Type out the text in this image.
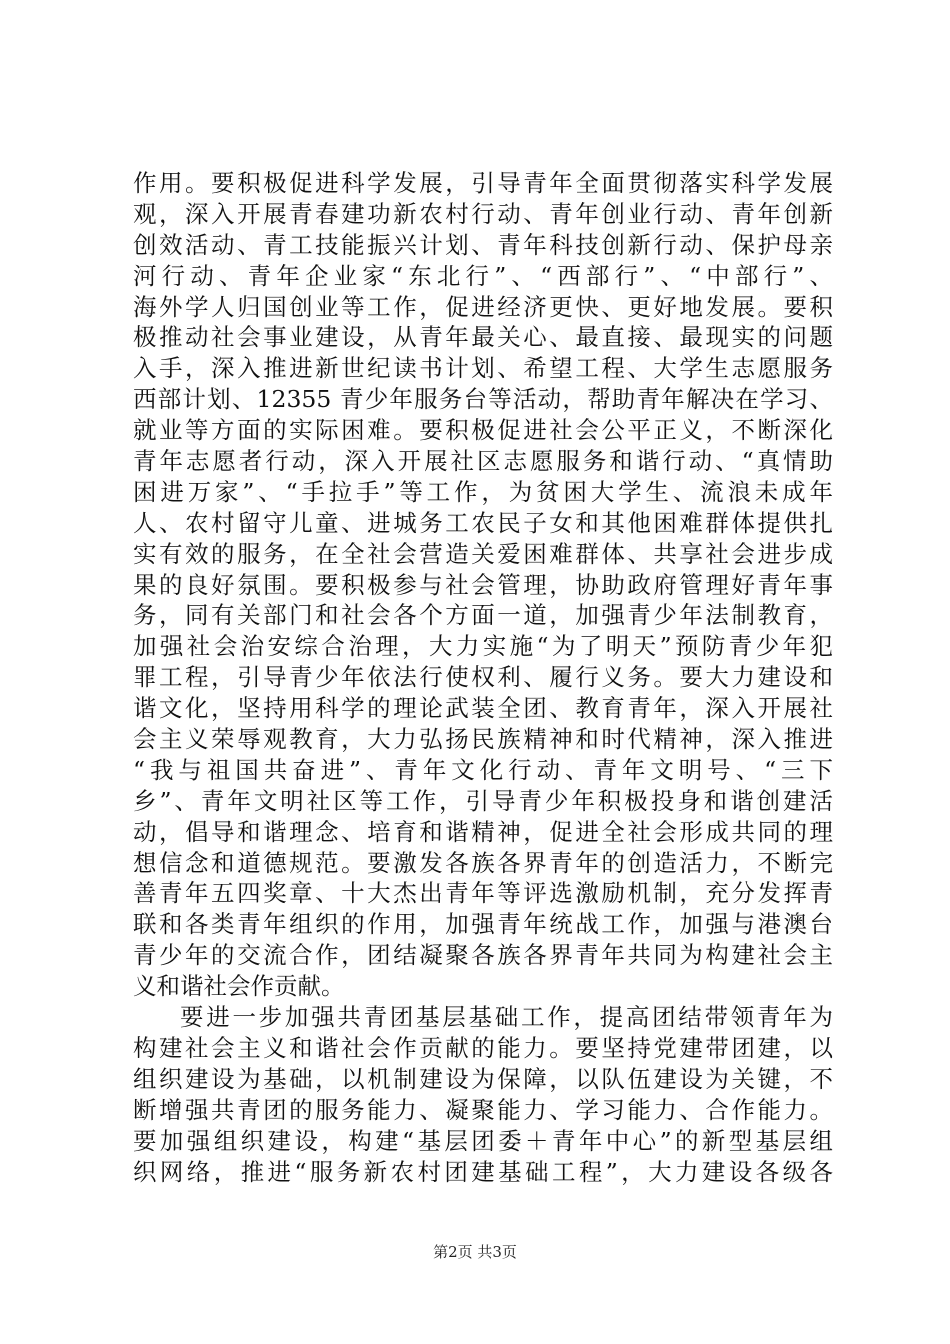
作用。要积极促进科学发展，引导青年全面贯彻落实科学发展
观，深入开展青春建功新农村行动、青年创业行动、青年创新
创效活动、青工技能振兴计划、青年科技创新行动、保护母亲
河行动、青年企业家“东北行”、“西部行”、“中部行”、
海外学人归国创业等工作，促进经济更快、更好地发展。要积
极推动社会事业建设，从青年最关心、最直接、最现实的问题
入手，深入推进新世纪读书计划、希望工程、大学生志愿服务
西部计划、12355 青少年服务台等活动，帮助青年解决在学习、
就业等方面的实际困难。要积极促进社会公平正义，不断深化
青年志愿者行动，深入开展社区志愿服务和谐行动、“真情助
困进万家”、“手拉手”等工作，为贫困大学生、流浪未成年
人、农村留守儿童、进城务工农民子女和其他困难群体提供扎
实有效的服务，在全社会营造关爱困难群体、共享社会进步成
果的良好氛围。要积极参与社会管理，协助政府管理好青年事
务，同有关部门和社会各个方面一道，加强青少年法制教育，
加强社会治安综合治理，大力实施“为了明天”预防青少年犯
罪工程，引导青少年依法行使权利、履行义务。要大力建设和
谐文化，坚持用科学的理论武装全团、教育青年，深入开展社
会主义荣辱观教育，大力弘扬民族精神和时代精神，深入推进
“我与祖国共奋进”、青年文化行动、青年文明号、“三下
乡”、青年文明社区等工作，引导青少年积极投身和谐创建活
动，倡导和谐理念、培育和谐精神，促进全社会形成共同的理
想信念和道德规范。要激发各族各界青年的创造活力，不断完
善青年五四奖章、十大杰出青年等评选激励机制，充分发挥青
联和各类青年组织的作用，加强青年统战工作，加强与港澳台
青少年的交流合作，团结凝聚各族各界青年共同为构建社会主
义和谐社会作贡献。
要进一步加强共青团基层基础工作，提高团结带领青年为
构建社会主义和谐社会作贡献的能力。要坚持党建带团建，以
组织建设为基础，以机制建设为保障，以队伍建设为关键，不
断增强共青团的服务能力、凝聚能力、学习能力、合作能力。
要加强组织建设，构建“基层团委＋青年中心”的新型基层组
织网络，推进“服务新农村团建基础工程”，大力建设各级各
第2页 共3页
